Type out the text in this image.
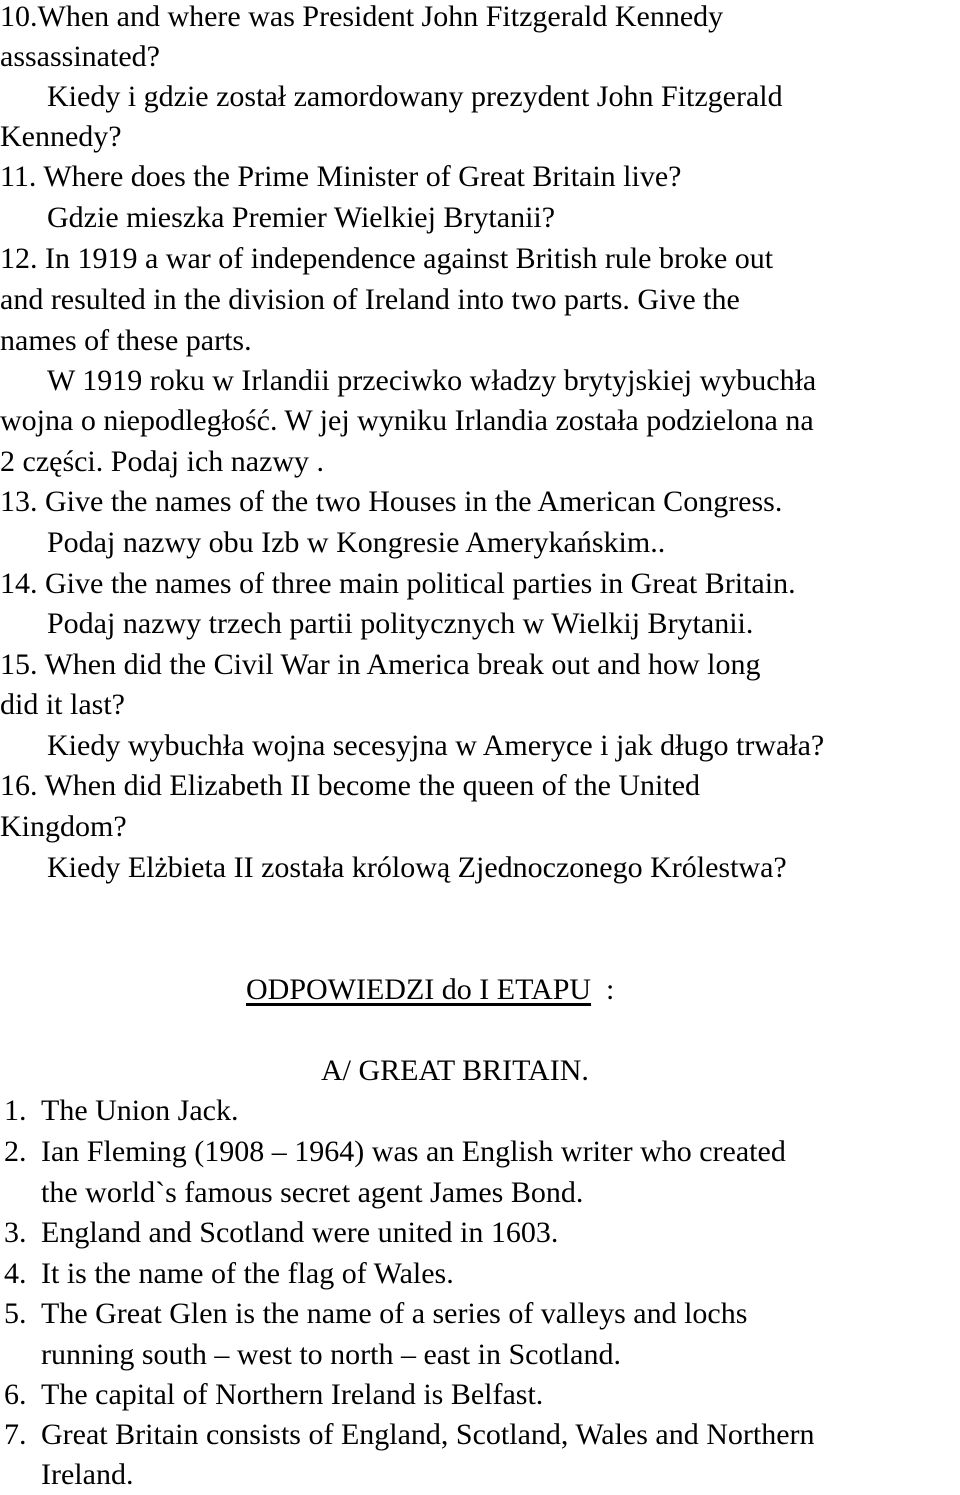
10.When and where was President John Fitzgerald Kennedy
assassinated?
Kiedy i gdzie został zamordowany prezydent John Fitzgerald
Kennedy?
11. Where does the Prime Minister of Great Britain live?
Gdzie mieszka Premier Wielkiej Brytanii?
12. In 1919 a war of independence against British rule broke out
and resulted in the division of Ireland into two parts. Give the
names of these parts.
W 1919 roku w Irlandii przeciwko władzy brytyjskiej wybuchła
wojna o niepodległość. W jej wyniku Irlandia została podzielona na
2 części. Podaj ich nazwy .
13. Give the names of the two Houses in the American Congress.
Podaj nazwy obu Izb w Kongresie Amerykańskim..
14. Give the names of three main political parties in Great Britain.
Podaj nazwy trzech partii politycznych w Wielkij Brytanii.
15. When did the Civil War in America break out and how long
did it last?
Kiedy wybuchła wojna secesyjna w Ameryce i jak długo trwała?
16. When did Elizabeth II become the queen of the United
Kingdom?
Kiedy Elżbieta II została królową Zjednoczonego Królestwa?
ODPOWIEDZI do I ETAPU :
A/ GREAT BRITAIN.
1. The Union Jack.
2. Ian Fleming (1908 – 1964) was an English writer who created
the world`s famous secret agent James Bond.
3. England and Scotland were united in 1603.
4. It is the name of the flag of Wales.
5. The Great Glen is the name of a series of valleys and lochs
running south – west to north – east in Scotland.
6. The capital of Northern Ireland is Belfast.
7. Great Britain consists of England, Scotland, Wales and Northern
Ireland.
